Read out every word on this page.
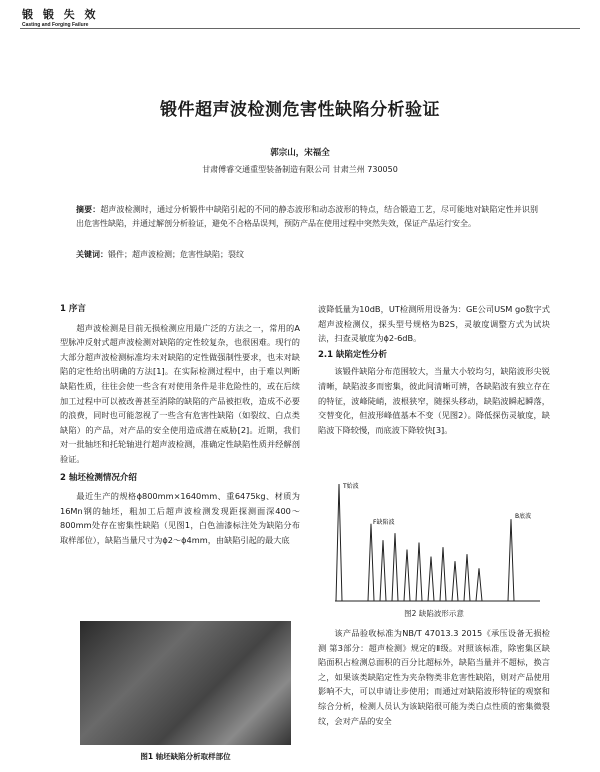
锻 锻 失 效
Casting and Forging Failure
锻件超声波检测危害性缺陷分析验证
郭宗山，宋福全
甘肃傅睿交通重型装备制造有限公司 甘肃兰州 730050
摘要：超声波检测时，通过分析锻件中缺陷引起的不同的静态波形和动态波形的特点，结合锻造工艺，尽可能地对缺陷定性并识别出危害性缺陷，并通过解剖分析验证，避免不合格品误判，预防产品在使用过程中突然失效，保证产品运行安全。
关键词：锻件；超声波检测；危害性缺陷；裂纹

1 序言

超声波检测是目前无损检测应用最广泛的方法之一，常用的A型脉冲反射式超声波检测对缺陷的定性较复杂，也很困难。现行的大部分超声波检测标准均未对缺陷的定性做强制性要求，也未对缺陷的定性给出明确的方法[1]。在实际检测过程中，由于难以判断缺陷性质，往往会使一些含有对使用条件是非危险性的，或在后续加工过程中可以被改善甚至消除的缺陷的产品被拒收，造成不必要的浪费，同时也可能忽视了一些含有危害性缺陷（如裂纹、白点类缺陷）的产品，对产品的安全使用造成潜在威胁[2]。近期，我们对一批轴坯和托轮轴进行超声波检测，准确定性缺陷性质并经解剖验证。

2 轴坯检测情况介绍

最近生产的规格ϕ800mm×1640mm、重6475kg、材质为16Mn钢的轴坯，粗加工后超声波检测发现距探测面深400～800mm处存在密集性缺陷（见图1，白色油漆标注处为缺陷分布取样部位），缺陷当量尺寸为ϕ2～ϕ4mm，由缺陷引起的最大底

图1 轴坯缺陷分析取样部位

波降低量为10dB，UT检测所用设备为：GE公司USM go数字式超声波检测仪，探头型号规格为B2S，灵敏度调整方式为试块法，扫查灵敏度为ϕ2-6dB。

2.1 缺陷定性分析

该锻件缺陷分布范围较大，当量大小较均匀，缺陷波形尖锐清晰，缺陷波多而密集，彼此间清晰可辨，各缺陷波有独立存在的特征，波峰陡峭，波根狭窄，随探头移动，缺陷波瞬起瞬落，交替变化，但波形峰值基本不变（见图2）。降低探伤灵敏度，缺陷波下降较慢，而底波下降较快[3]。

T始波
F缺陷波
B底波
图2 缺陷波形示意

该产品验收标准为NB/T 47013.3 2015《承压设备无损检测 第3部分：超声检测》规定的Ⅱ级。对照该标准，除密集区缺陷面积占检测总面积的百分比超标外，缺陷当量并不超标，换言之，如果该类缺陷定性为夹杂物类非危害性缺陷，则对产品使用影响不大，可以申请让步使用；而通过对缺陷波形特征的观察和综合分析，检测人员认为该缺陷很可能为类白点性质的密集微裂纹，会对产品的安全
